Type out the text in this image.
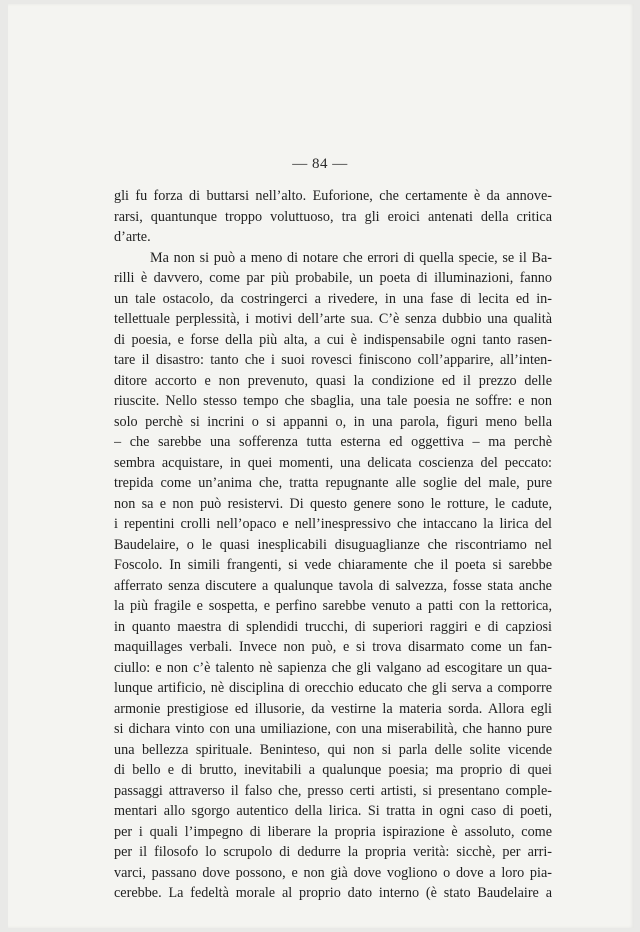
— 84 —
gli fu forza di buttarsi nell’alto. Euforione, che certamente è da annove-
rarsi, quantunque troppo voluttuoso, tra gli eroici antenati della critica
d’arte.
Ma non si può a meno di notare che errori di quella specie, se il Ba-
rilli è davvero, come par più probabile, un poeta di illuminazioni, fanno
un tale ostacolo, da costringerci a rivedere, in una fase di lecita ed in-
tellettuale perplessità, i motivi dell’arte sua. C’è senza dubbio una qualità
di poesia, e forse della più alta, a cui è indispensabile ogni tanto rasen-
tare il disastro: tanto che i suoi rovesci finiscono coll’apparire, all’inten-
ditore accorto e non prevenuto, quasi la condizione ed il prezzo delle
riuscite. Nello stesso tempo che sbaglia, una tale poesia ne soffre: e non
solo perchè si incrini o si appanni o, in una parola, figuri meno bella
– che sarebbe una sofferenza tutta esterna ed oggettiva – ma perchè
sembra acquistare, in quei momenti, una delicata coscienza del peccato:
trepida come un’anima che, tratta repugnante alle soglie del male, pure
non sa e non può resistervi. Di questo genere sono le rotture, le cadute,
i repentini crolli nell’opaco e nell’inespressivo che intaccano la lirica del
Baudelaire, o le quasi inesplicabili disuguaglianze che riscontriamo nel
Foscolo. In simili frangenti, si vede chiaramente che il poeta si sarebbe
afferrato senza discutere a qualunque tavola di salvezza, fosse stata anche
la più fragile e sospetta, e perfino sarebbe venuto a patti con la rettorica,
in quanto maestra di splendidi trucchi, di superiori raggiri e di capziosi
maquillages verbali. Invece non può, e si trova disarmato come un fan-
ciullo: e non c’è talento nè sapienza che gli valgano ad escogitare un qua-
lunque artificio, nè disciplina di orecchio educato che gli serva a comporre
armonie prestigiose ed illusorie, da vestirne la materia sorda. Allora egli
si dichara vinto con una umiliazione, con una miserabilità, che hanno pure
una bellezza spirituale. Beninteso, qui non si parla delle solite vicende
di bello e di brutto, inevitabili a qualunque poesia; ma proprio di quei
passaggi attraverso il falso che, presso certi artisti, si presentano comple-
mentari allo sgorgo autentico della lirica. Si tratta in ogni caso di poeti,
per i quali l’impegno di liberare la propria ispirazione è assoluto, come
per il filosofo lo scrupolo di dedurre la propria verità: sicchè, per arri-
varci, passano dove possono, e non già dove vogliono o dove a loro pia-
cerebbe. La fedeltà morale al proprio dato interno (è stato Baudelaire a
